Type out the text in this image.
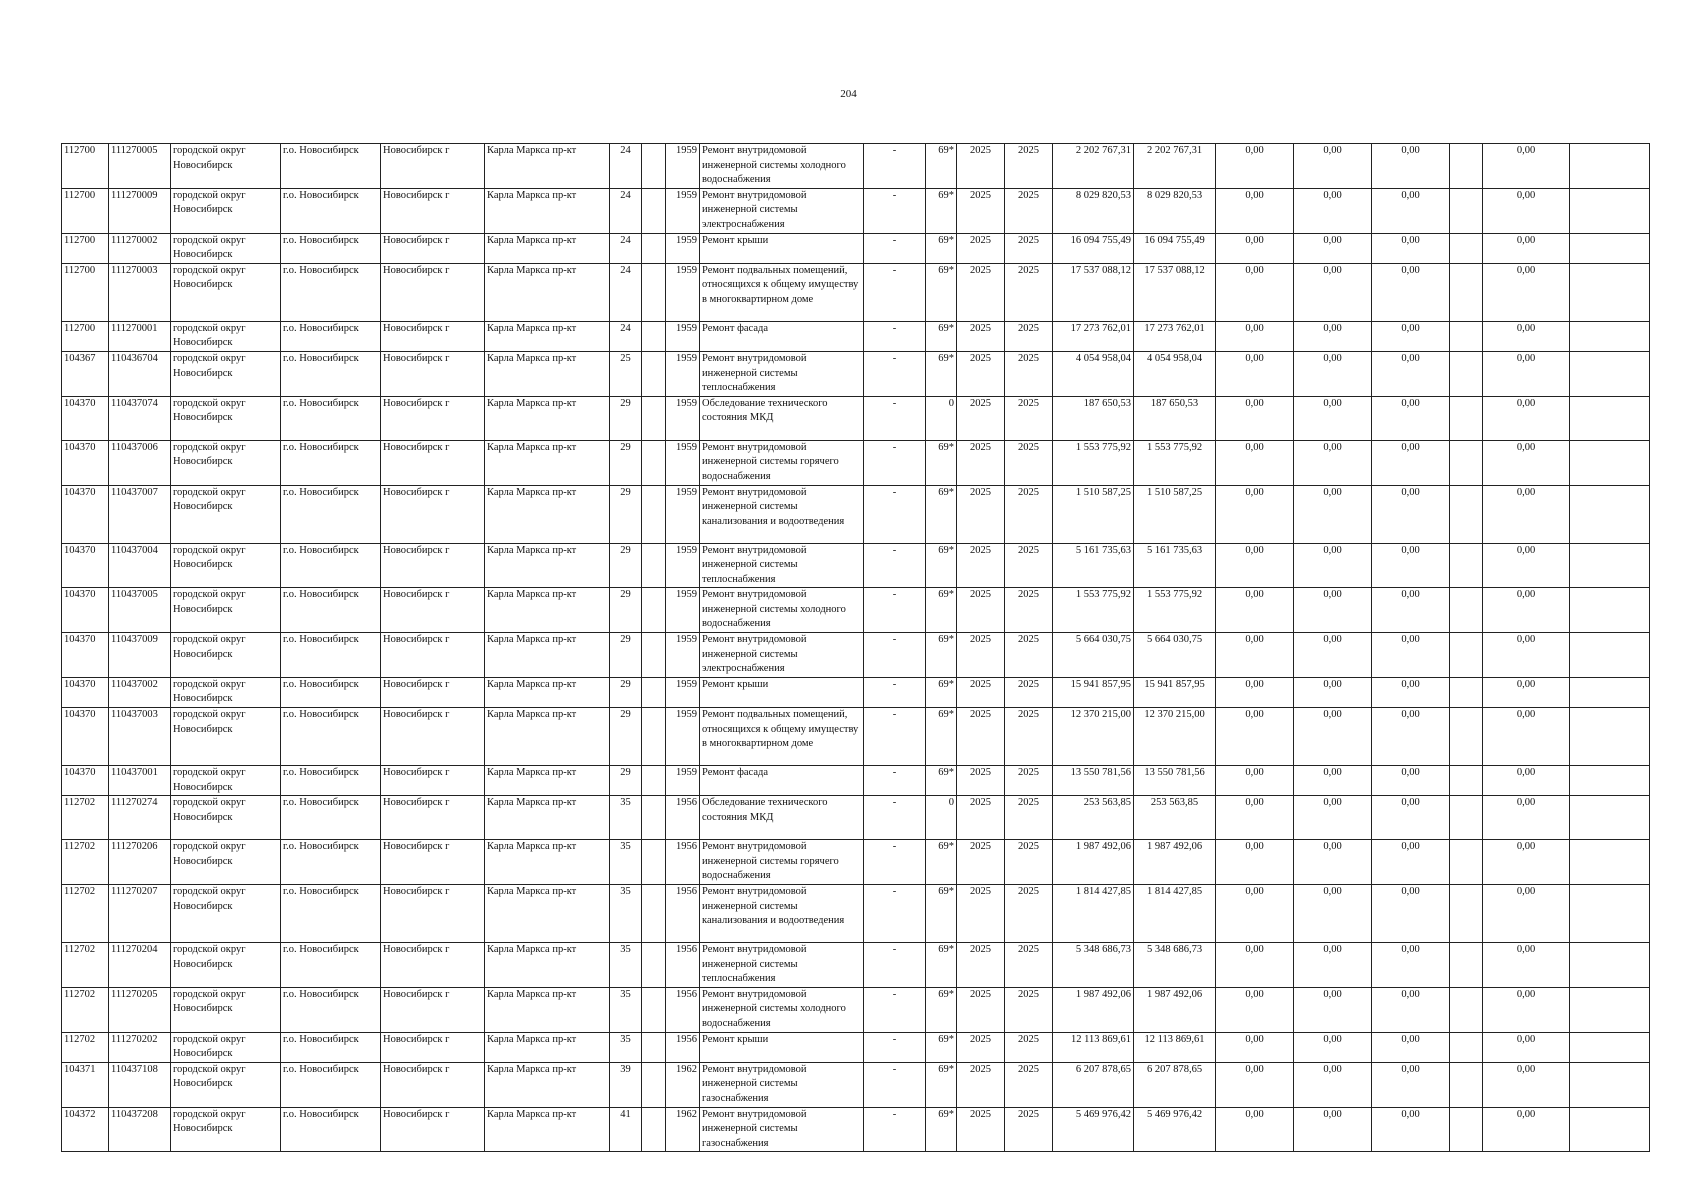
204
112700	111270005	городской округ Новосибирск	г.о. Новосибирск	Новосибирск г	Карла Маркса пр-кт	24		1959	Ремонт внутридомовой инженерной системы холодного водоснабжения	-	69*	2025	2025	2 202 767,31	2 202 767,31	0,00	0,00	0,00		0,00	
112700	111270009	городской округ Новосибирск	г.о. Новосибирск	Новосибирск г	Карла Маркса пр-кт	24		1959	Ремонт внутридомовой инженерной системы электроснабжения	-	69*	2025	2025	8 029 820,53	8 029 820,53	0,00	0,00	0,00		0,00	
112700	111270002	городской округ Новосибирск	г.о. Новосибирск	Новосибирск г	Карла Маркса пр-кт	24		1959	Ремонт крыши	-	69*	2025	2025	16 094 755,49	16 094 755,49	0,00	0,00	0,00		0,00	
112700	111270003	городской округ Новосибирск	г.о. Новосибирск	Новосибирск г	Карла Маркса пр-кт	24		1959	Ремонт подвальных помещений, относящихся к общему имуществу в многоквартирном доме	-	69*	2025	2025	17 537 088,12	17 537 088,12	0,00	0,00	0,00		0,00	
112700	111270001	городской округ Новосибирск	г.о. Новосибирск	Новосибирск г	Карла Маркса пр-кт	24		1959	Ремонт фасада	-	69*	2025	2025	17 273 762,01	17 273 762,01	0,00	0,00	0,00		0,00	
104367	110436704	городской округ Новосибирск	г.о. Новосибирск	Новосибирск г	Карла Маркса пр-кт	25		1959	Ремонт внутридомовой инженерной системы теплоснабжения	-	69*	2025	2025	4 054 958,04	4 054 958,04	0,00	0,00	0,00		0,00	
104370	110437074	городской округ Новосибирск	г.о. Новосибирск	Новосибирск г	Карла Маркса пр-кт	29		1959	Обследование технического состояния МКД	-	0	2025	2025	187 650,53	187 650,53	0,00	0,00	0,00		0,00	
104370	110437006	городской округ Новосибирск	г.о. Новосибирск	Новосибирск г	Карла Маркса пр-кт	29		1959	Ремонт внутридомовой инженерной системы горячего водоснабжения	-	69*	2025	2025	1 553 775,92	1 553 775,92	0,00	0,00	0,00		0,00	
104370	110437007	городской округ Новосибирск	г.о. Новосибирск	Новосибирск г	Карла Маркса пр-кт	29		1959	Ремонт внутридомовой инженерной системы канализования и водоотведения	-	69*	2025	2025	1 510 587,25	1 510 587,25	0,00	0,00	0,00		0,00	
104370	110437004	городской округ Новосибирск	г.о. Новосибирск	Новосибирск г	Карла Маркса пр-кт	29		1959	Ремонт внутридомовой инженерной системы теплоснабжения	-	69*	2025	2025	5 161 735,63	5 161 735,63	0,00	0,00	0,00		0,00	
104370	110437005	городской округ Новосибирск	г.о. Новосибирск	Новосибирск г	Карла Маркса пр-кт	29		1959	Ремонт внутридомовой инженерной системы холодного водоснабжения	-	69*	2025	2025	1 553 775,92	1 553 775,92	0,00	0,00	0,00		0,00	
104370	110437009	городской округ Новосибирск	г.о. Новосибирск	Новосибирск г	Карла Маркса пр-кт	29		1959	Ремонт внутридомовой инженерной системы электроснабжения	-	69*	2025	2025	5 664 030,75	5 664 030,75	0,00	0,00	0,00		0,00	
104370	110437002	городской округ Новосибирск	г.о. Новосибирск	Новосибирск г	Карла Маркса пр-кт	29		1959	Ремонт крыши	-	69*	2025	2025	15 941 857,95	15 941 857,95	0,00	0,00	0,00		0,00	
104370	110437003	городской округ Новосибирск	г.о. Новосибирск	Новосибирск г	Карла Маркса пр-кт	29		1959	Ремонт подвальных помещений, относящихся к общему имуществу в многоквартирном доме	-	69*	2025	2025	12 370 215,00	12 370 215,00	0,00	0,00	0,00		0,00	
104370	110437001	городской округ Новосибирск	г.о. Новосибирск	Новосибирск г	Карла Маркса пр-кт	29		1959	Ремонт фасада	-	69*	2025	2025	13 550 781,56	13 550 781,56	0,00	0,00	0,00		0,00	
112702	111270274	городской округ Новосибирск	г.о. Новосибирск	Новосибирск г	Карла Маркса пр-кт	35		1956	Обследование технического состояния МКД	-	0	2025	2025	253 563,85	253 563,85	0,00	0,00	0,00		0,00	
112702	111270206	городской округ Новосибирск	г.о. Новосибирск	Новосибирск г	Карла Маркса пр-кт	35		1956	Ремонт внутридомовой инженерной системы горячего водоснабжения	-	69*	2025	2025	1 987 492,06	1 987 492,06	0,00	0,00	0,00		0,00	
112702	111270207	городской округ Новосибирск	г.о. Новосибирск	Новосибирск г	Карла Маркса пр-кт	35		1956	Ремонт внутридомовой инженерной системы канализования и водоотведения	-	69*	2025	2025	1 814 427,85	1 814 427,85	0,00	0,00	0,00		0,00	
112702	111270204	городской округ Новосибирск	г.о. Новосибирск	Новосибирск г	Карла Маркса пр-кт	35		1956	Ремонт внутридомовой инженерной системы теплоснабжения	-	69*	2025	2025	5 348 686,73	5 348 686,73	0,00	0,00	0,00		0,00	
112702	111270205	городской округ Новосибирск	г.о. Новосибирск	Новосибирск г	Карла Маркса пр-кт	35		1956	Ремонт внутридомовой инженерной системы холодного водоснабжения	-	69*	2025	2025	1 987 492,06	1 987 492,06	0,00	0,00	0,00		0,00	
112702	111270202	городской округ Новосибирск	г.о. Новосибирск	Новосибирск г	Карла Маркса пр-кт	35		1956	Ремонт крыши	-	69*	2025	2025	12 113 869,61	12 113 869,61	0,00	0,00	0,00		0,00	
104371	110437108	городской округ Новосибирск	г.о. Новосибирск	Новосибирск г	Карла Маркса пр-кт	39		1962	Ремонт внутридомовой инженерной системы газоснабжения	-	69*	2025	2025	6 207 878,65	6 207 878,65	0,00	0,00	0,00		0,00	
104372	110437208	городской округ Новосибирск	г.о. Новосибирск	Новосибирск г	Карла Маркса пр-кт	41		1962	Ремонт внутридомовой инженерной системы газоснабжения	-	69*	2025	2025	5 469 976,42	5 469 976,42	0,00	0,00	0,00		0,00	
